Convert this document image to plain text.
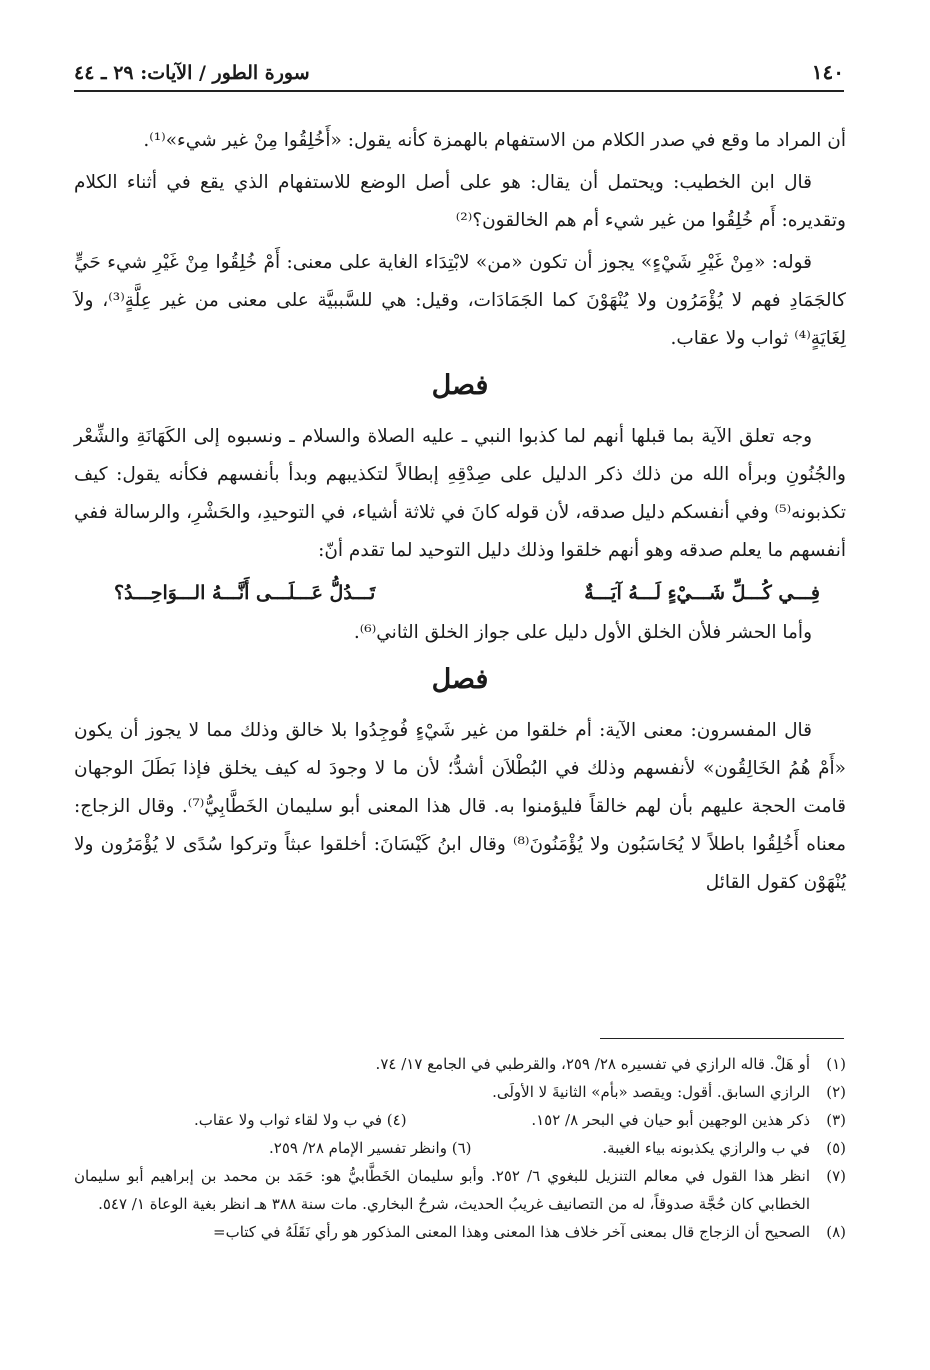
١٤٠
سورة الطور / الآيات: ٢٩ ـ ٤٤

أن المراد ما وقع في صدر الكلام من الاستفهام بالهمزة كأنه يقول: «أَخُلِقُوا مِنْ غير شيء»⁽¹⁾.

قال ابن الخطيب: ويحتمل أن يقال: هو على أصل الوضع للاستفهام الذي يقع في أثناء الكلام وتقديره: أَم خُلِقُوا من غير شيء أم هم الخالقون؟⁽²⁾

قوله: «مِنْ غَيْرِ شَيْءٍ» يجوز أن تكون «من» لابْتِدَاء الغاية على معنى: أَمْ خُلِقُوا مِنْ غَيْرِ شيء حَيٍّ كالجَمَادِ فهم لا يُؤْمَرُون ولا يُنْهَوْنَ كما الجَمَادَات، وقيل: هي للسَّببيَّة على معنى من غير عِلَّةٍ⁽³⁾، ولاَ لِغَايَةٍ⁽⁴⁾ ثواب ولا عقاب.

فصل

وجه تعلق الآية بما قبلها أنهم لما كذبوا النبي ـ عليه الصلاة والسلام ـ ونسبوه إلى الكَهَانَةِ والشِّعْر والجُنُونِ وبرأه الله من ذلك ذكر الدليل على صِدْقِهِ إبطالاً لتكذيبهم وبدأ بأنفسهم فكأنه يقول: كيف تكذبونه⁽⁵⁾ وفي أنفسكم دليل صدقه، لأن قوله كانَ في ثلاثة أشياء، في التوحيدِ، والحَشْرِ، والرسالة ففي أنفسهم ما يعلم صدقه وهو أنهم خلقوا وذلك دليل التوحيد لما تقدم أنّ:

فِـــي كُـــلِّ شَـــيْءٍ لَـــهُ آيَـــةٌ
تَـــدُلُّ عَـــلَـــى أَنَّـــهُ الـــوَاحِـــدُ؟

وأما الحشر فلأن الخلق الأول دليل على جواز الخلق الثاني⁽⁶⁾.

فصل

قال المفسرون: معنى الآية: أم خلقوا من غير شَيْءٍ فُوجِدُوا بلا خالق وذلك مما لا يجوز أن يكون «أَمْ هُمُ الخَالِقُون» لأنفسهم وذلك في البُطْلاَن أشدُّ؛ لأن ما لا وجودَ له كيف يخلق فإذا بَطَلَ الوجهان قامت الحجة عليهم بأن لهم خالقاً فليؤمنوا به. قال هذا المعنى أبو سليمان الخَطَّابِيُّ⁽⁷⁾. وقال الزجاج: معناه أَخُلِقُوا باطلاً لا يُحَاسَبُون ولا يُؤْمَنُونَ⁽⁸⁾ وقال ابنُ كَيْسَانَ: أخلقوا عبثاً وتركوا سُدًى لا يُؤْمَرُون ولا يُنْهَوْن كقول القائل

(١)
أو هَلْ. قاله الرازي في تفسيره ٢٨/ ٢٥٩، والقرطبي في الجامع ١٧/ ٧٤.
(٢)
الرازي السابق. أقول: ويقصد «بأم» الثانيةَ لا الأولَى.
(٣)
ذكر هذين الوجهين أبو حيان في البحر ٨/ ١٥٢.
(٤) في ب ولا لقاء ثواب ولا عقاب.
(٥)
في ب والرازي يكذبونه بياء الغيبة.
(٦) وانظر تفسير الإمام ٢٨/ ٢٥٩.
(٧)
انظر هذا القول في معالم التنزيل للبغوي ٦/ ٢٥٢. وأبو سليمان الخَطَّابيُّ هو: حَمَد بن محمد بن إبراهيم أبو سليمان الخطابي كان حُجَّة صدوقاً، له من التصانيف غريبُ الحديث، شرحُ البخاري. مات سنة ٣٨٨ هـ انظر بغية الوعاة ١/ ٥٤٧.
(٨)
الصحيح أن الزجاج قال بمعنى آخر خلاف هذا المعنى وهذا المعنى المذكور هو رأي نَقَلَهُ في كتاب=
